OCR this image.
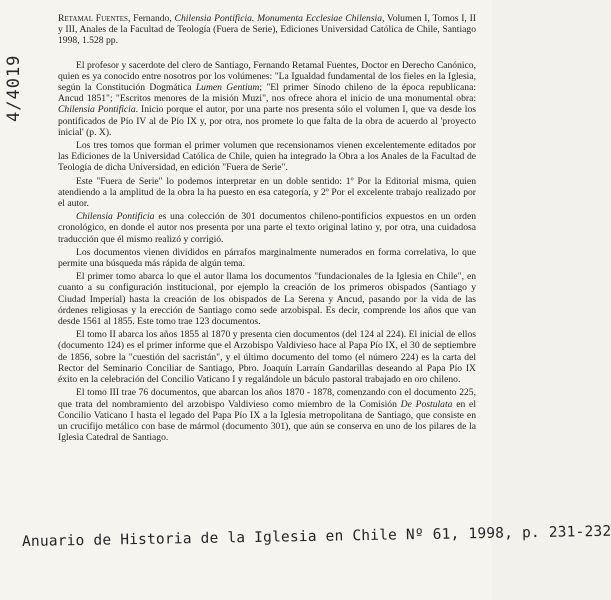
4/4019
Retamal Fuentes, Fernando, Chilensia Pontificia. Monumenta Ecclesiae Chilensia, Volumen I, Tomos I, II y III, Anales de la Facultad de Teología (Fuera de Serie), Ediciones Universidad Católica de Chile, Santiago 1998, 1.528 pp.

El profesor y sacerdote del clero de Santiago, Fernando Retamal Fuentes, Doctor en Derecho Canónico, quien es ya conocido entre nosotros por los volúmenes: "La Igualdad fundamental de los fieles en la Iglesia, según la Constitución Dogmática Lumen Gentium; "El primer Sínodo chileno de la época republicana: Ancud 1851"; "Escritos menores de la misión Muzi", nos ofrece ahora el inicio de una monumental obra: Chilensia Pontificia. Inicio porque el autor, por una parte nos presenta sólo el volumen I, que va desde los pontificados de Pío IV al de Pío IX y, por otra, nos promete lo que falta de la obra de acuerdo al 'proyecto inicial' (p. X).

Los tres tomos que forman el primer volumen que recensionamos vienen excelentemente editados por las Ediciones de la Universidad Católica de Chile, quien ha integrado la Obra a los Anales de la Facultad de Teología de dicha Universidad, en edición "Fuera de Serie".

Este "Fuera de Serie" lo podemos interpretar en un doble sentido: 1º Por la Editorial misma, quien atendiendo a la amplitud de la obra la ha puesto en esa categoría, y 2º Por el excelente trabajo realizado por el autor.

Chilensia Pontificia es una colección de 301 documentos chileno-pontificios expuestos en un orden cronológico, en donde el autor nos presenta por una parte el texto original latino y, por otra, una cuidadosa traducción que él mismo realizó y corrigió.

Los documentos vienen divididos en párrafos marginalmente numerados en forma correlativa, lo que permite una búsqueda más rápida de algún tema.

El primer tomo abarca lo que el autor llama los documentos "fundacionales de la Iglesia en Chile", en cuanto a su configuración institucional, por ejemplo la creación de los primeros obispados (Santiago y Ciudad Imperial) hasta la creación de los obispados de La Serena y Ancud, pasando por la vida de las órdenes religiosas y la erección de Santiago como sede arzobispal. Es decir, comprende los años que van desde 1561 al 1855. Este tomo trae 123 documentos.

El tomo II abarca los años 1855 al 1870 y presenta cien documentos (del 124 al 224). El inicial de ellos (documento 124) es el primer informe que el Arzobispo Valdivieso hace al Papa Pío IX, el 30 de septiembre de 1856, sobre la "cuestión del sacristán", y el último documento del tomo (el número 224) es la carta del Rector del Seminario Conciliar de Santiago, Pbro. Joaquín Larraín Gandarillas deseando al Papa Pío IX éxito en la celebración del Concilio Vaticano I y regalándole un báculo pastoral trabajado en oro chileno.

El tomo III trae 76 documentos, que abarcan los años 1870 - 1878, comenzando con el documento 225, que trata del nombramiento del arzobispo Valdivieso como miembro de la Comisión De Postulata en el Concilio Vaticano I hasta el legado del Papa Pío IX a la Iglesia metropolitana de Santiago, que consiste en un crucifijo metálico con base de mármol (documento 301), que aún se conserva en uno de los pilares de la Iglesia Catedral de Santiago.

Anuario de Historia de la Iglesia en Chile Nº 61, 1998, p. 231-232
